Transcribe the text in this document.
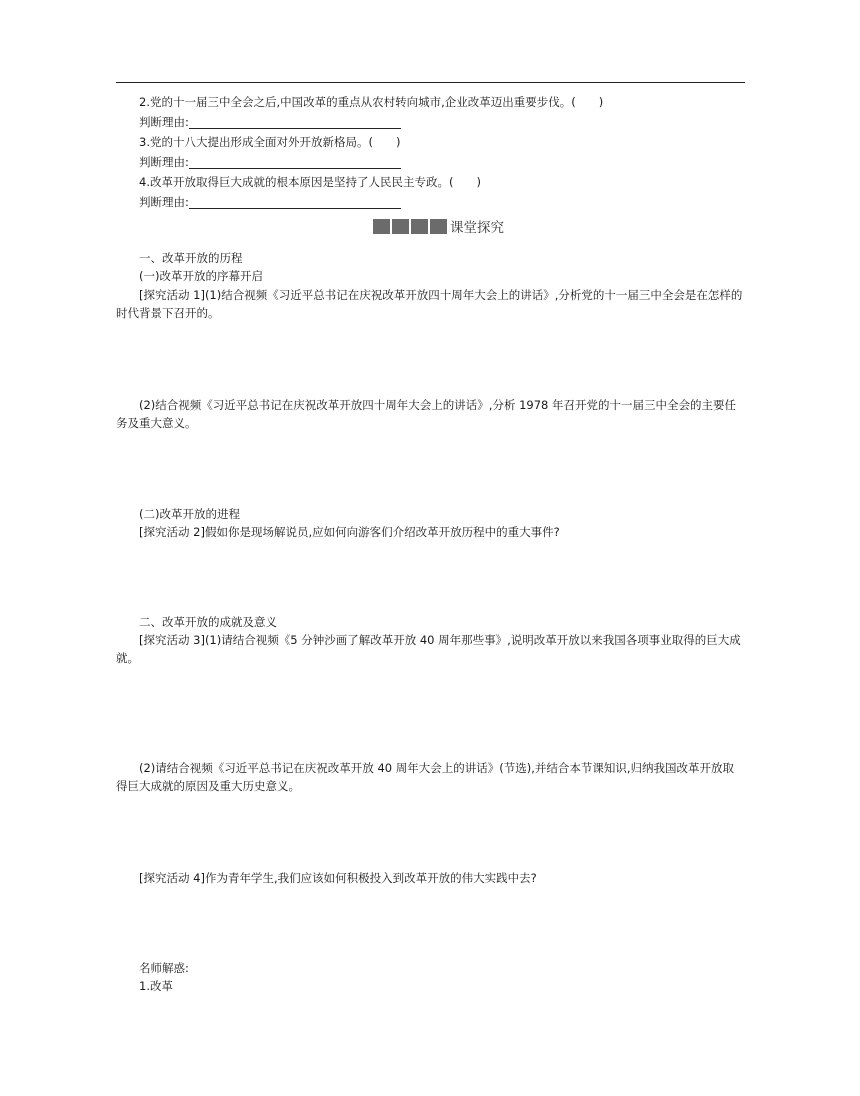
2.党的十一届三中全会之后,中国改革的重点从农村转向城市,企业改革迈出重要步伐。(　　)
判断理由:
3.党的十八大提出形成全面对外开放新格局。(　　)
判断理由:
4.改革开放取得巨大成就的根本原因是坚持了人民民主专政。(　　)
判断理由:
课堂探究
一、改革开放的历程
(一)改革开放的序幕开启
[探究活动 1](1)结合视频《习近平总书记在庆祝改革开放四十周年大会上的讲话》,分析党的十一届三中全会是在怎样的时代背景下召开的。
(2)结合视频《习近平总书记在庆祝改革开放四十周年大会上的讲话》,分析 1978 年召开党的十一届三中全会的主要任务及重大意义。
(二)改革开放的进程
[探究活动 2]假如你是现场解说员,应如何向游客们介绍改革开放历程中的重大事件?
二、改革开放的成就及意义
[探究活动 3](1)请结合视频《5 分钟沙画了解改革开放 40 周年那些事》,说明改革开放以来我国各项事业取得的巨大成就。
(2)请结合视频《习近平总书记在庆祝改革开放 40 周年大会上的讲话》(节选),并结合本节课知识,归纳我国改革开放取得巨大成就的原因及重大历史意义。
[探究活动 4]作为青年学生,我们应该如何积极投入到改革开放的伟大实践中去?
名师解惑:
1.改革
